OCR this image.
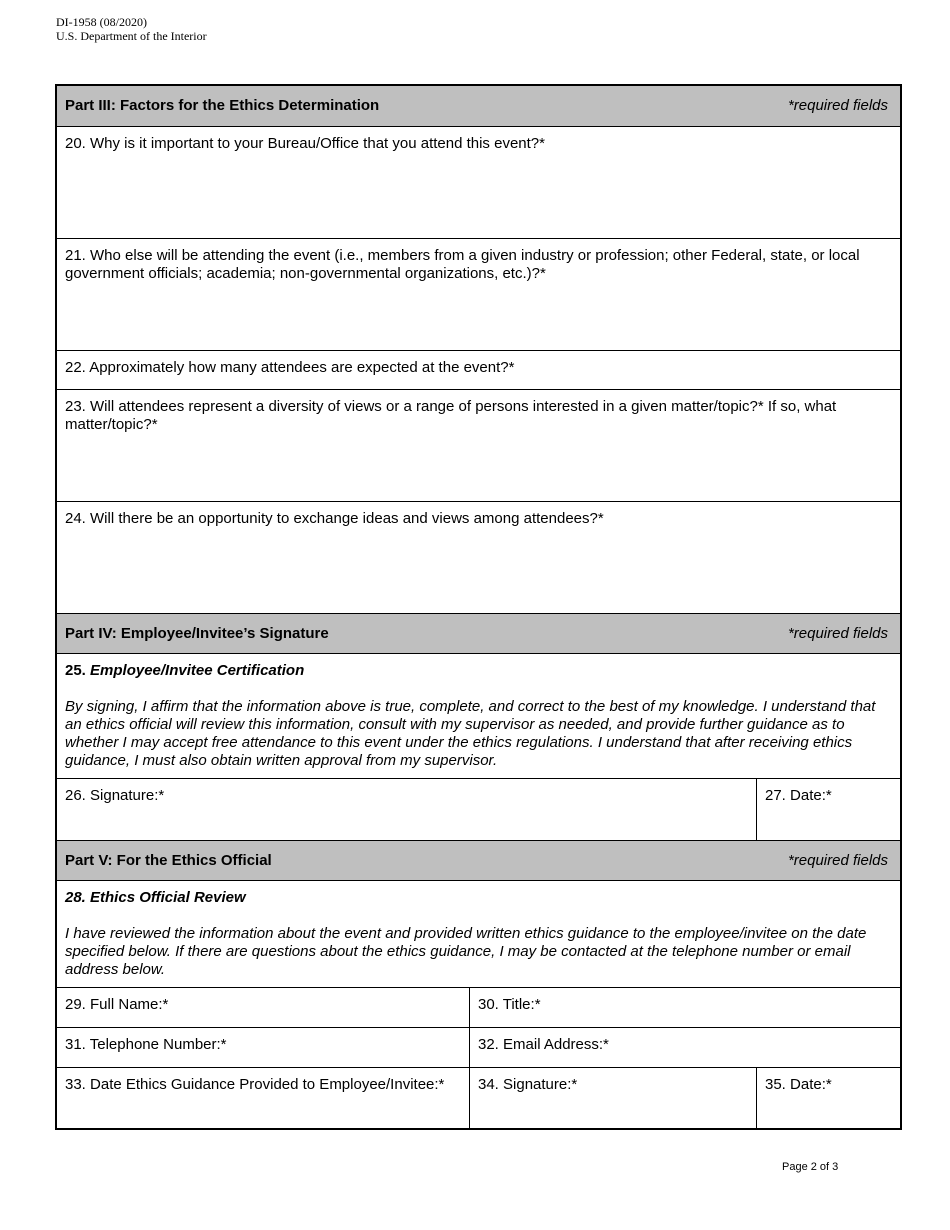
DI-1958 (08/2020)
U.S. Department of the Interior
Part III: Factors for the Ethics Determination	*required fields
20. Why is it important to your Bureau/Office that you attend this event?*
21. Who else will be attending the event (i.e., members from a given industry or profession; other Federal, state, or local government officials; academia; non-governmental organizations, etc.)?*
22. Approximately how many attendees are expected at the event?*
23. Will attendees represent a diversity of views or a range of persons interested in a given matter/topic?* If so, what matter/topic?*
24. Will there be an opportunity to exchange ideas and views among attendees?*
Part IV: Employee/Invitee’s Signature	*required fields
25. Employee/Invitee Certification
By signing, I affirm that the information above is true, complete, and correct to the best of my knowledge. I understand that an ethics official will review this information, consult with my supervisor as needed, and provide further guidance as to whether I may accept free attendance to this event under the ethics regulations. I understand that after receiving ethics guidance, I must also obtain written approval from my supervisor.
26. Signature:*	27. Date:*
Part V: For the Ethics Official	*required fields
28. Ethics Official Review
I have reviewed the information about the event and provided written ethics guidance to the employee/invitee on the date specified below. If there are questions about the ethics guidance, I may be contacted at the telephone number or email address below.
29. Full Name:*	30. Title:*
31. Telephone Number:*	32. Email Address:*
33. Date Ethics Guidance Provided to Employee/Invitee:*	34. Signature:*	35. Date:*
Page 2 of 3
